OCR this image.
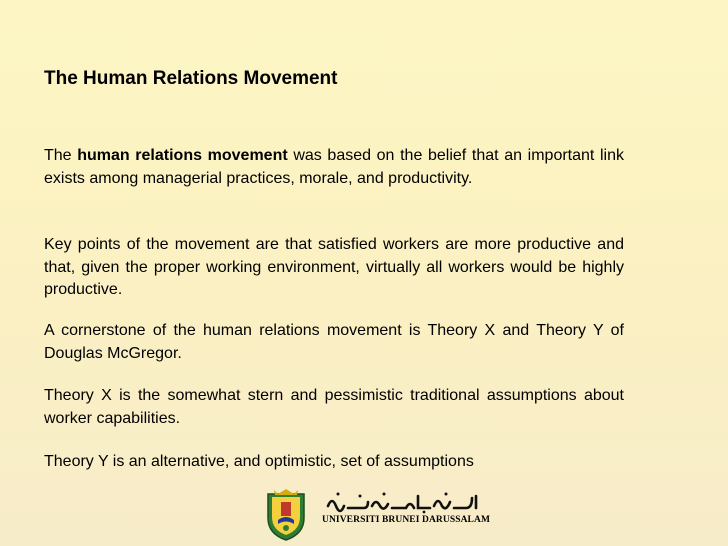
The Human Relations Movement

The human relations movement was based on the belief that an important link exists among managerial practices, morale, and productivity.

Key points of the movement are that satisfied workers are more productive and that, given the proper working environment, virtually all workers would be highly productive.

A cornerstone of the human relations movement is Theory X and Theory Y of Douglas McGregor.

Theory X is the somewhat stern and pessimistic traditional assumptions about worker capabilities.

Theory Y is an alternative, and optimistic, set of assumptions

UNIVERSITI BRUNEI DARUSSALAM
